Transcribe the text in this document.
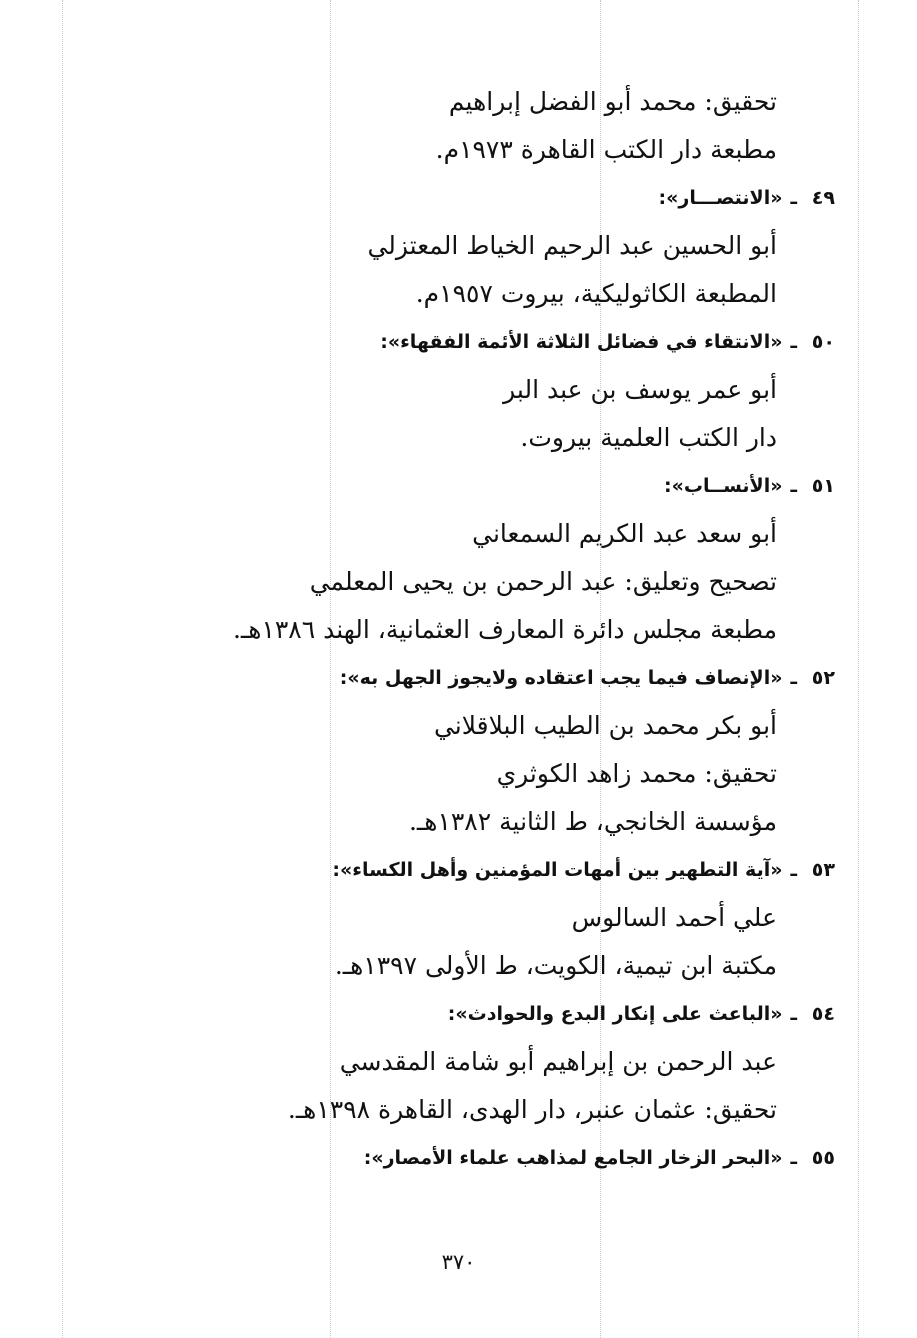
تحقيق: محمد أبو الفضل إبراهيم
مطبعة دار الكتب القاهرة ١٩٧٣م.
٤٩ـ«الانتصـــار»:
أبو الحسين عبد الرحيم الخياط المعتزلي
المطبعة الكاثوليكية، بيروت ١٩٥٧م.
٥٠ـ«الانتقاء في فضائل الثلاثة الأئمة الفقهاء»:
أبو عمر يوسف بن عبد البر
دار الكتب العلمية بيروت.
٥١ـ«الأنســاب»:
أبو سعد عبد الكريم السمعاني
تصحيح وتعليق: عبد الرحمن بن يحيى المعلمي
مطبعة مجلس دائرة المعارف العثمانية، الهند ١٣٨٦هـ.
٥٢ـ«الإنصاف فيما يجب اعتقاده ولايجوز الجهل به»:
أبو بكر محمد بن الطيب البلاقلاني
تحقيق: محمد زاهد الكوثري
مؤسسة الخانجي، ط الثانية ١٣٨٢هـ.
٥٣ـ«آية التطهير بين أمهات المؤمنين وأهل الكساء»:
علي أحمد السالوس
مكتبة ابن تيمية، الكويت، ط الأولى ١٣٩٧هـ.
٥٤ـ«الباعث على إنكار البدع والحوادث»:
عبد الرحمن بن إبراهيم أبو شامة المقدسي
تحقيق: عثمان عنبر، دار الهدى، القاهرة ١٣٩٨هـ.
٥٥ـ«البحر الزخار الجامع لمذاهب علماء الأمصار»:
٣٧٠
